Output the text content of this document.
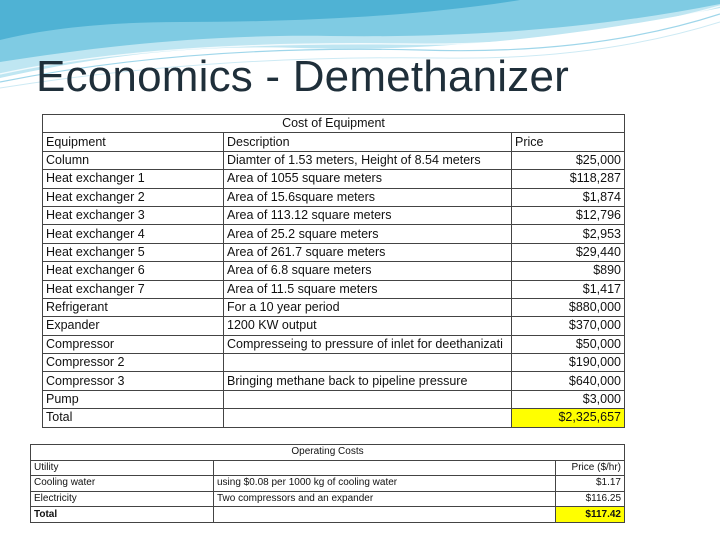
Economics - Demethanizer
Cost of Equipment		
Equipment	Description	Price
Column	Diamter of 1.53 meters, Height of 8.54 meters	$25,000
Heat exchanger 1	Area of 1055 square meters	$118,287
Heat exchanger 2	Area of 15.6square meters	$1,874
Heat exchanger 3	Area of 113.12 square meters	$12,796
Heat exchanger 4	Area of 25.2 square meters	$2,953
Heat exchanger 5	Area of 261.7 square meters	$29,440
Heat exchanger 6	Area of 6.8 square meters	$890
Heat exchanger 7	Area of 11.5 square meters	$1,417
Refrigerant	For a 10 year period	$880,000
Expander	1200 KW output	$370,000
Compressor	Compresseing to pressure of inlet for deethanizati	$50,000
Compressor 2		$190,000
Compressor 3	Bringing methane back to pipeline pressure	$640,000
Pump		$3,000
Total		$2,325,657
Operating Costs		
Utility		Price ($/hr)
Cooling water	using $0.08 per 1000 kg of cooling water	$1.17
Electricity	Two compressors and an expander	$116.25
Total		$117.42
